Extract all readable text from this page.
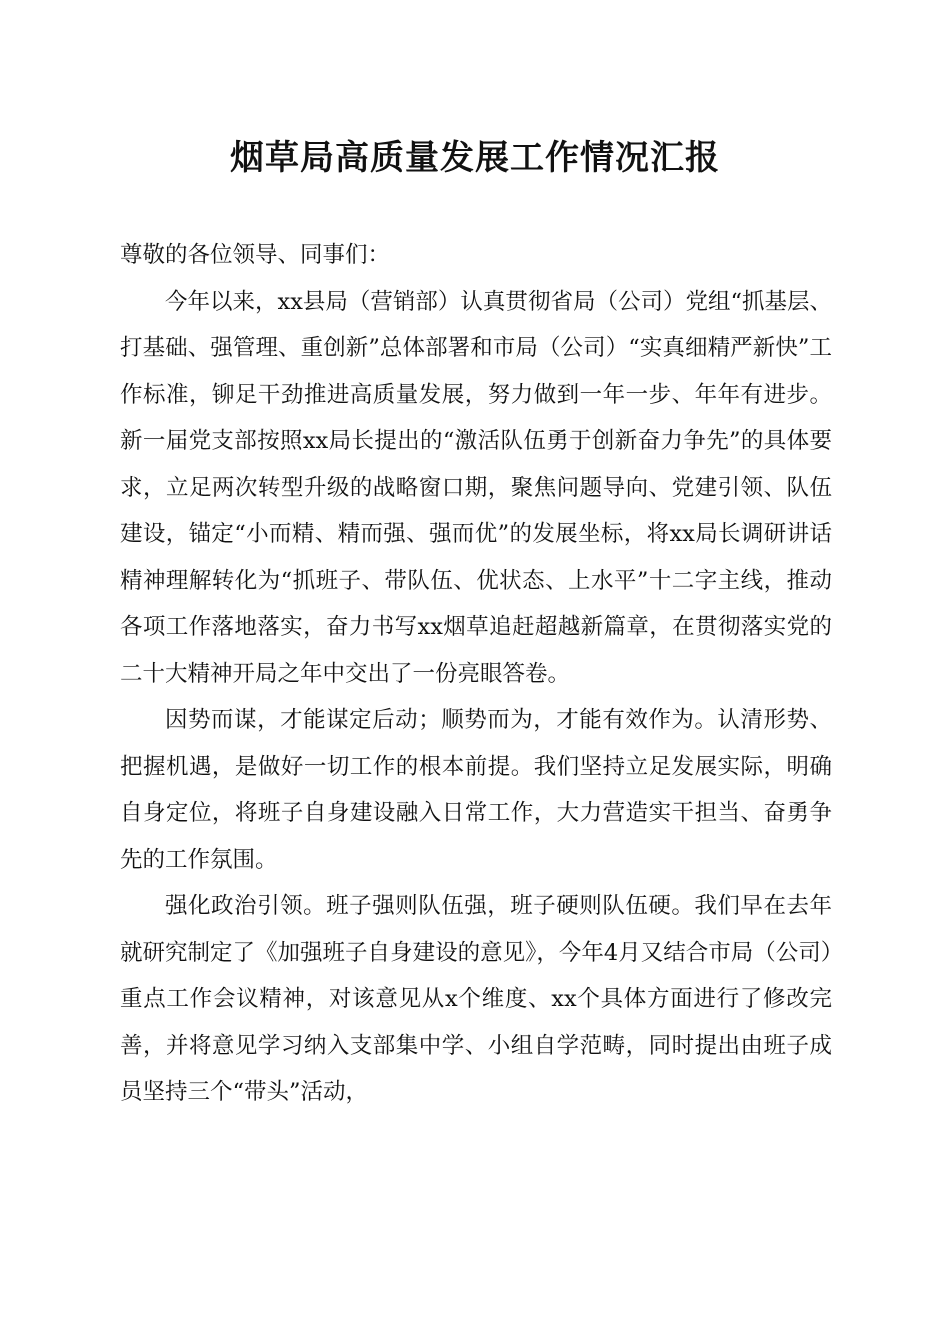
烟草局高质量发展工作情况汇报

尊敬的各位领导、同事们：

今年以来，xx县局（营销部）认真贯彻省局（公司）党组“抓基层、打基础、强管理、重创新”总体部署和市局（公司）“实真细精严新快”工作标准，铆足干劲推进高质量发展，努力做到一年一步、年年有进步。新一届党支部按照xx局长提出的“激活队伍勇于创新奋力争先”的具体要求，立足两次转型升级的战略窗口期，聚焦问题导向、党建引领、队伍建设，锚定“小而精、精而强、强而优”的发展坐标，将xx局长调研讲话精神理解转化为“抓班子、带队伍、优状态、上水平”十二字主线，推动各项工作落地落实，奋力书写xx烟草追赶超越新篇章，在贯彻落实党的二十大精神开局之年中交出了一份亮眼答卷。

因势而谋，才能谋定后动；顺势而为，才能有效作为。认清形势、把握机遇，是做好一切工作的根本前提。我们坚持立足发展实际，明确自身定位，将班子自身建设融入日常工作，大力营造实干担当、奋勇争先的工作氛围。

强化政治引领。班子强则队伍强，班子硬则队伍硬。我们早在去年就研究制定了《加强班子自身建设的意见》，今年4月又结合市局（公司）重点工作会议精神，对该意见从x个维度、xx个具体方面进行了修改完善，并将意见学习纳入支部集中学、小组自学范畴，同时提出由班子成员坚持三个“带头”活动，
